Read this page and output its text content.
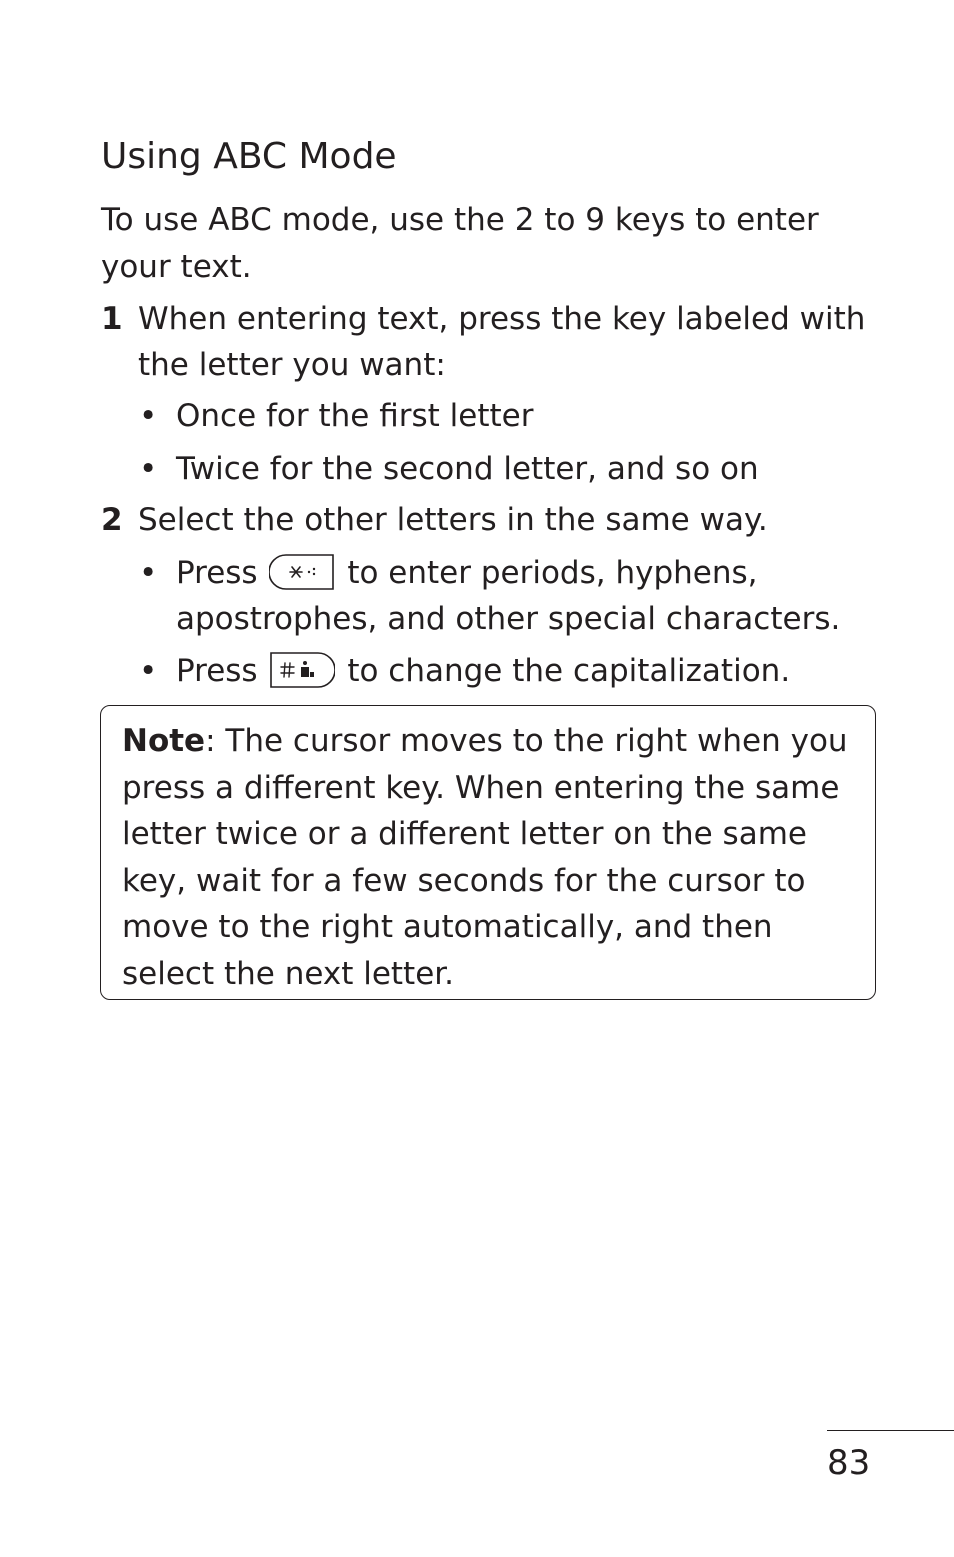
Using ABC Mode

To use ABC mode, use the 2 to 9 keys to enter your text.

1 When entering text, press the key labeled with the letter you want:
• Once for the first letter
• Twice for the second letter, and so on
2 Select the other letters in the same way.
• Press	to enter periods, hyphens, apostrophes, and other special characters.
• Press	to change the capitalization.

Note: The cursor moves to the right when you press a different key. When entering the same letter twice or a different letter on the same key, wait for a few seconds for the cursor to move to the right automatically, and then select the next letter.

83
